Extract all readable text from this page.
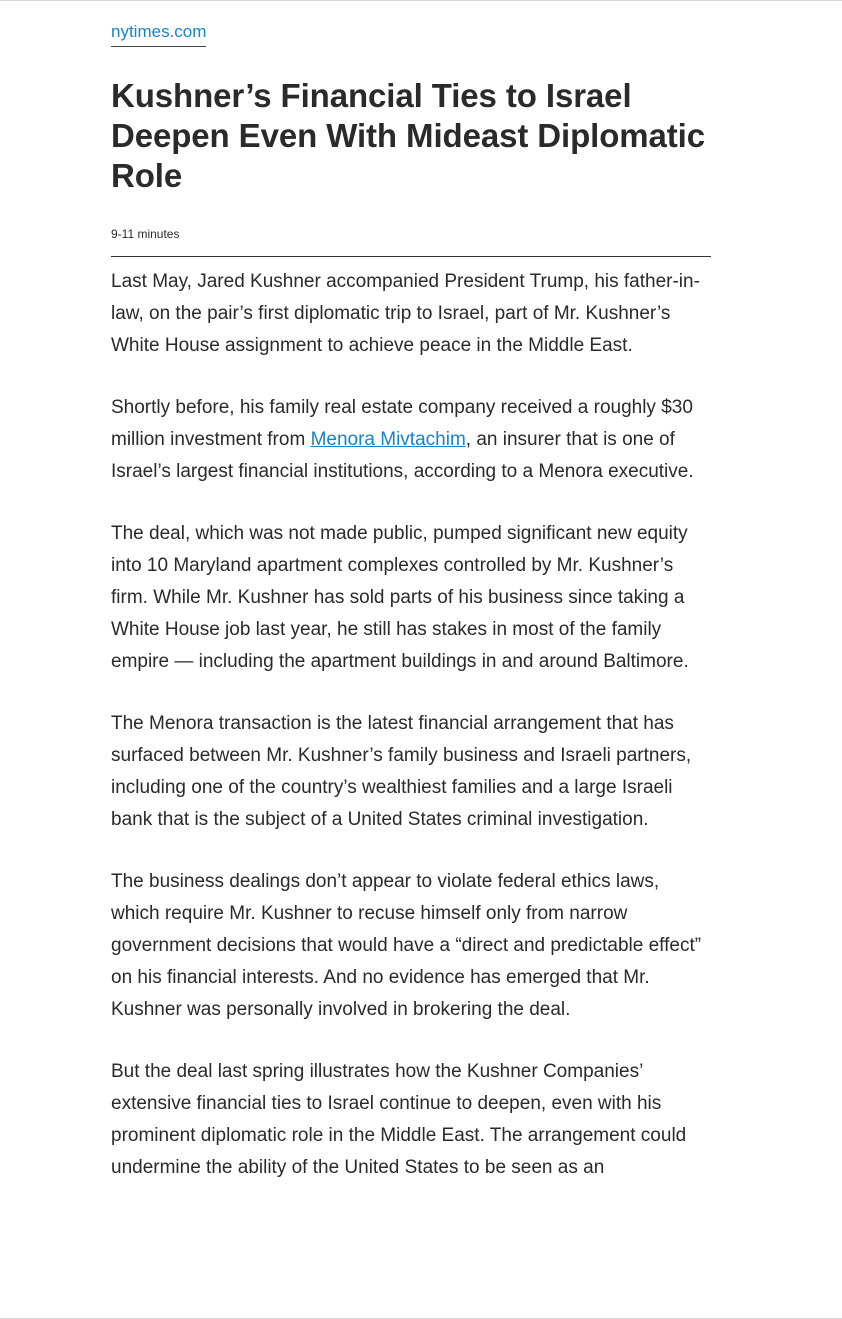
nytimes.com
Kushner’s Financial Ties to Israel Deepen Even With Mideast Diplomatic Role
9-11 minutes

Last May, Jared Kushner accompanied President Trump, his father-in-law, on the pair’s first diplomatic trip to Israel, part of Mr. Kushner’s White House assignment to achieve peace in the Middle East.

Shortly before, his family real estate company received a roughly $30 million investment from Menora Mivtachim, an insurer that is one of Israel’s largest financial institutions, according to a Menora executive.

The deal, which was not made public, pumped significant new equity into 10 Maryland apartment complexes controlled by Mr. Kushner’s firm. While Mr. Kushner has sold parts of his business since taking a White House job last year, he still has stakes in most of the family empire — including the apartment buildings in and around Baltimore.

The Menora transaction is the latest financial arrangement that has surfaced between Mr. Kushner’s family business and Israeli partners, including one of the country’s wealthiest families and a large Israeli bank that is the subject of a United States criminal investigation.

The business dealings don’t appear to violate federal ethics laws, which require Mr. Kushner to recuse himself only from narrow government decisions that would have a “direct and predictable effect” on his financial interests. And no evidence has emerged that Mr. Kushner was personally involved in brokering the deal.

But the deal last spring illustrates how the Kushner Companies’ extensive financial ties to Israel continue to deepen, even with his prominent diplomatic role in the Middle East. The arrangement could undermine the ability of the United States to be seen as an
